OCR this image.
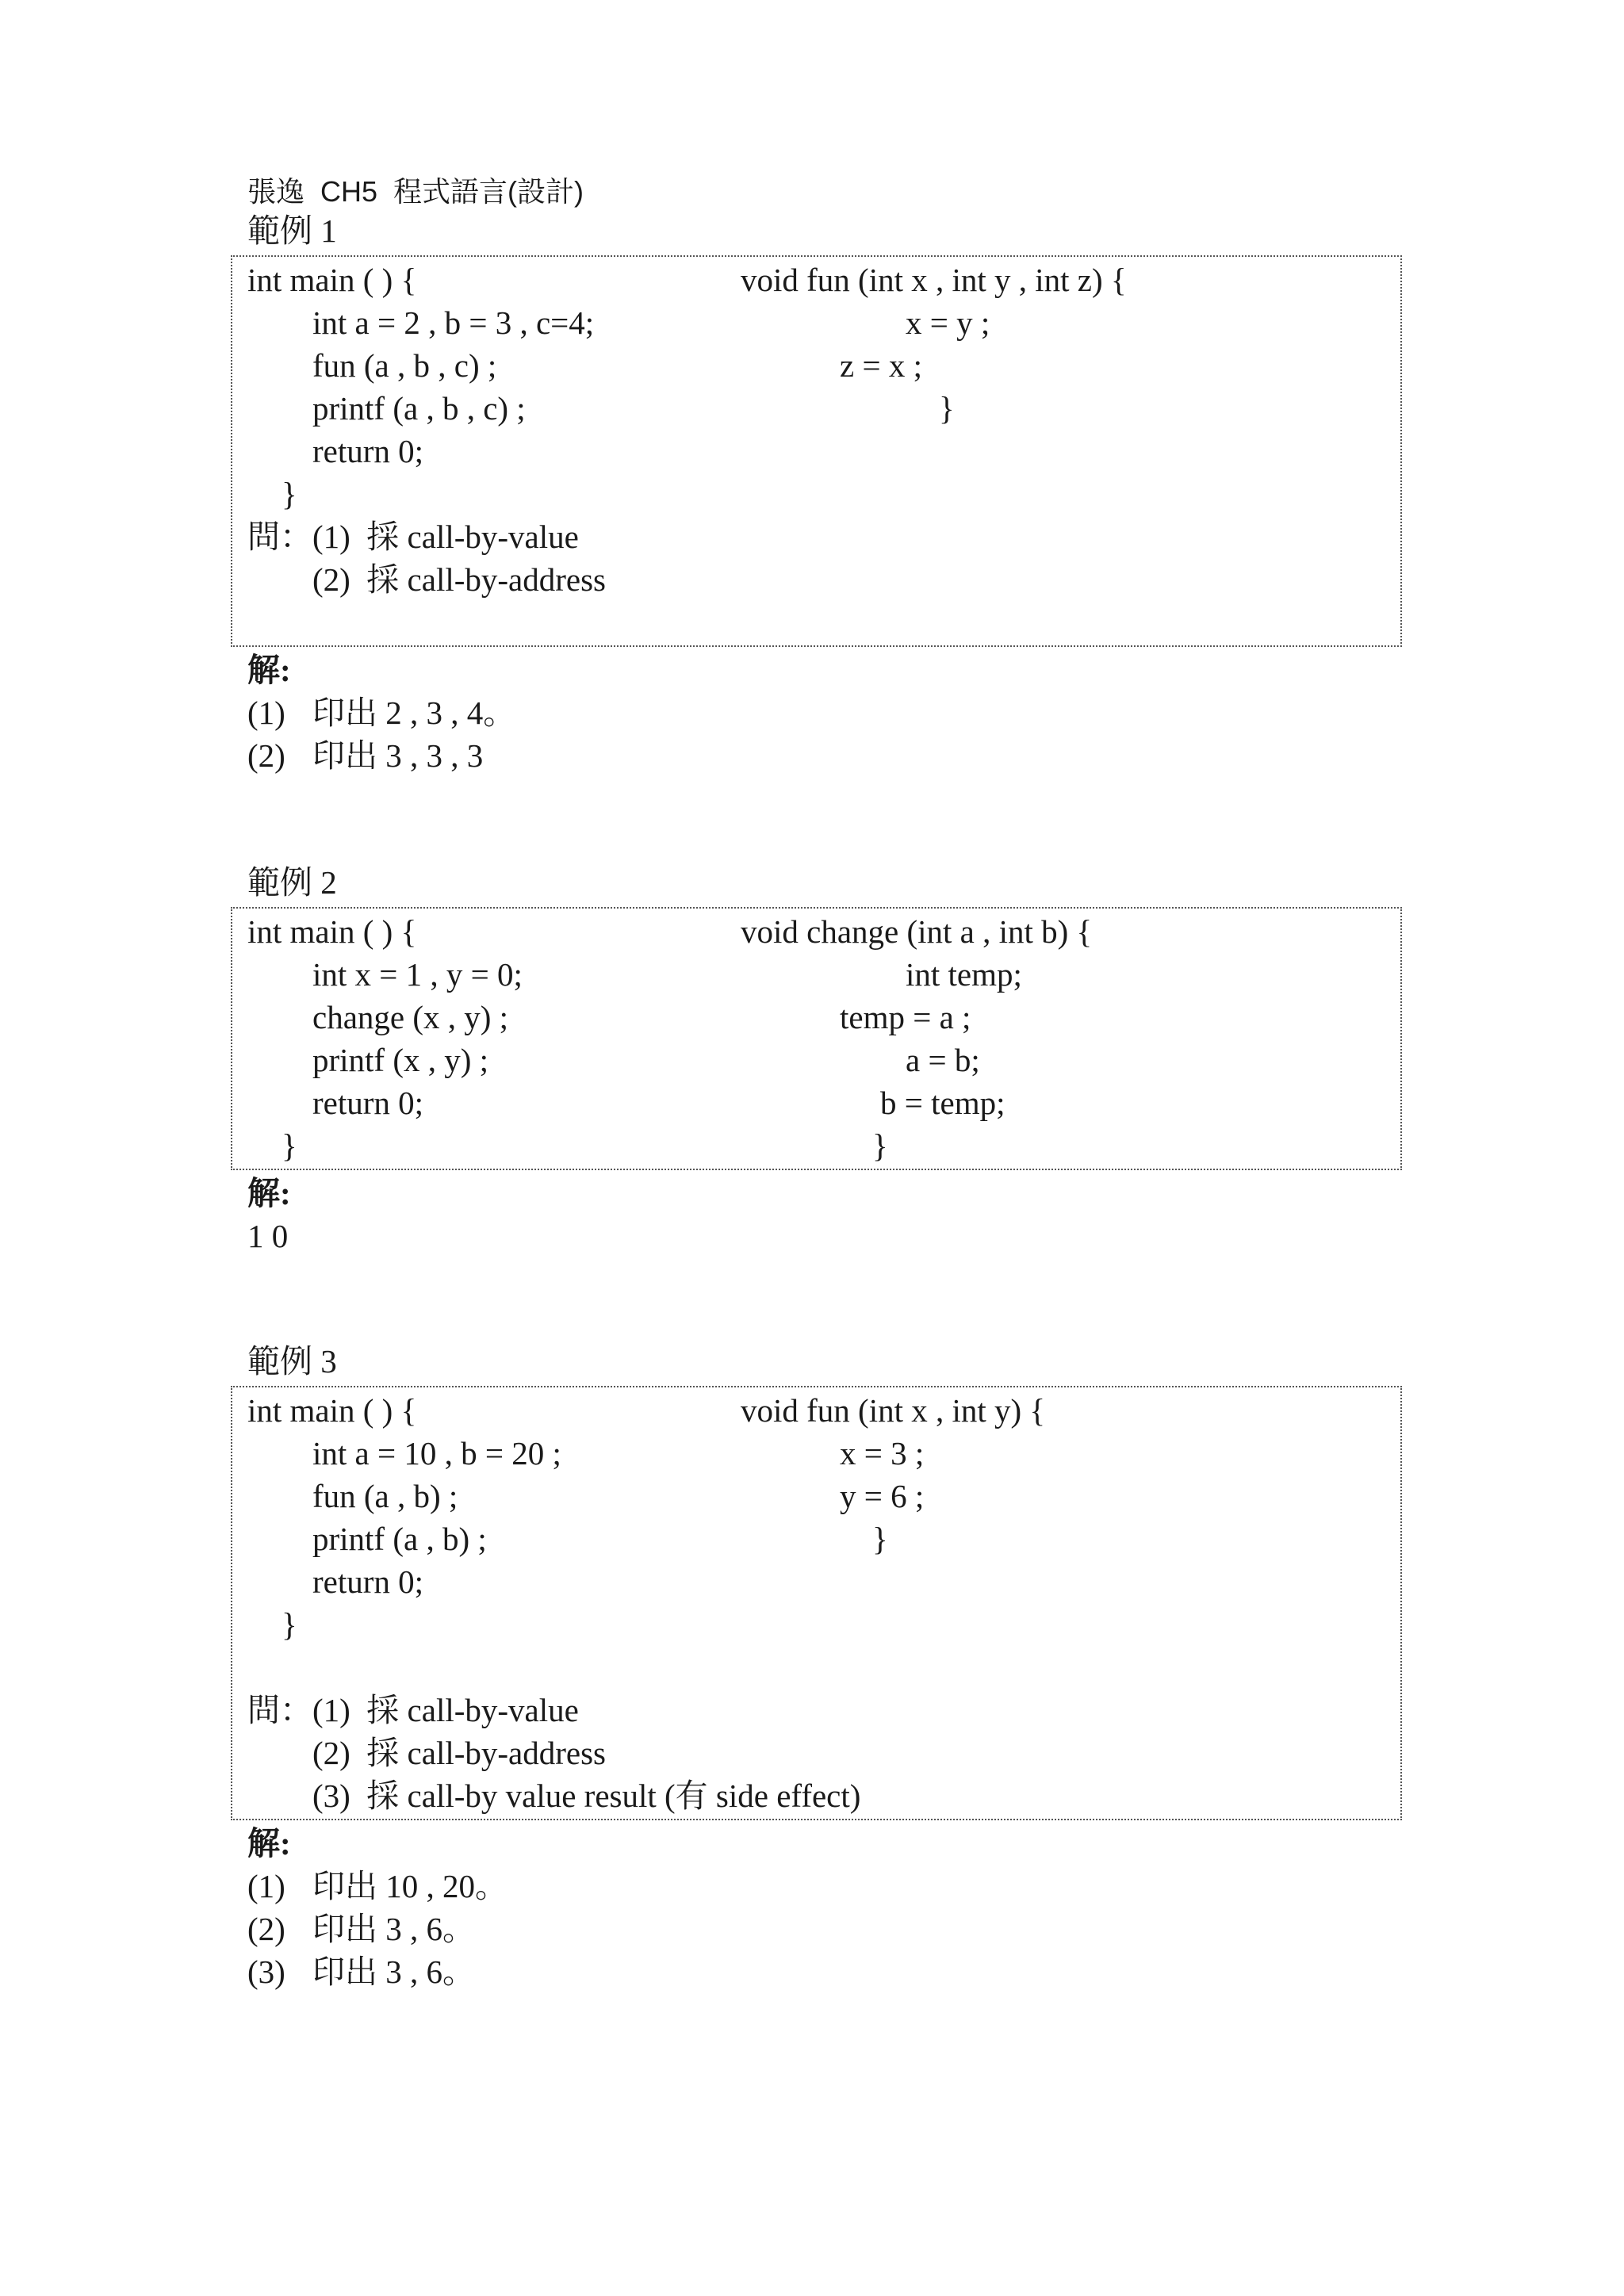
張逸  CH5  程式語言(設計)
範例 1
int main ( ) {
int a = 2 , b = 3 , c=4;
fun (a , b , c) ;
printf (a , b , c) ;
return 0;
}
void fun (int x , int y , int z) {
x = y ;
z = x ;
}
問： (1)  採 call-by-value
(2)  採 call-by-address
解:
(1) 印出 2 , 3 , 4。
(2) 印出 3 , 3 , 3
範例 2
int main ( ) {
int x = 1 , y = 0;
change (x , y) ;
printf (x , y) ;
return 0;
}
void change (int a , int b) {
int temp;
temp = a ;
a = b;
b = temp;
}
解:
1 0
範例 3
int main ( ) {
int a = 10 , b = 20 ;
fun (a , b) ;
printf (a , b) ;
return 0;
}
void fun (int x , int y) {
x = 3 ;
y = 6 ;
}
問： (1)  採 call-by-value
(2)  採 call-by-address
(3)  採 call-by value result (有 side effect)
解:
(1) 印出 10 , 20。
(2) 印出 3 , 6。
(3) 印出 3 , 6。
